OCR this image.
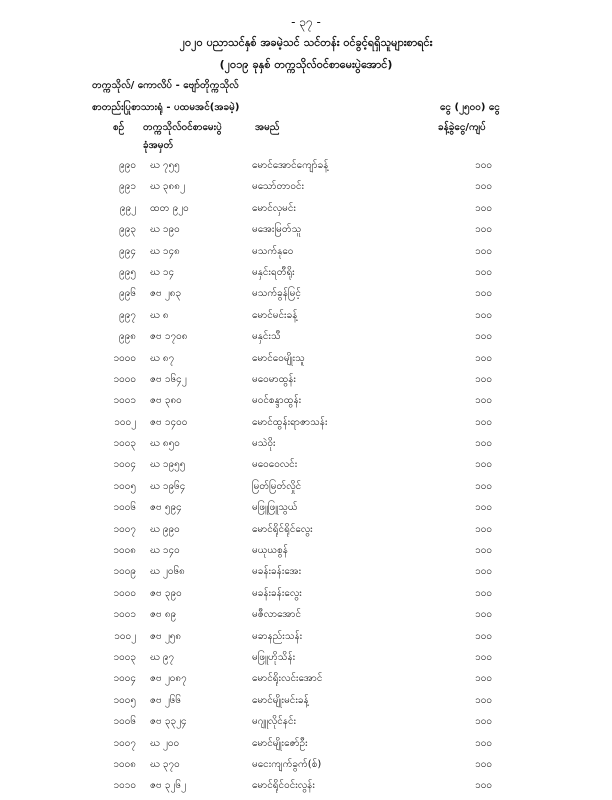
- ၃၇ -
၂၀၂၀ ပညာသင်နှစ် အခမဲ့သင် သင်တန်း ဝင်ခွင့်ရရှိသူများစာရင်း
(၂၀၁၉ ခုနှစ် တက္ကသိုလ်ဝင်စာမေးပွဲအောင်)
တက္ကသိုလ်/ ကောလိပ် - ဗျော်တိုက္ကသိုလ်
စာတည်းပြုစာသားရုံ - ပထမအင်(အခမဲ့)	ငွေ (၂၅၀၀) ငွေ
စဉ် တက္ကသိုလ်ဝင်စာမေးပွဲ
ခုံအမှတ်
အမည်	ခန့်ခွဲငွေ/ကျပ်
၉၉၀ ဃ ၇၅၅	မောင်အောင်ကျော်ခန့်	၁၀၀
၉၉၁ ဃ ၃၈၈၂	မသော်တာဝင်း	၁၀၀
၉၉၂ ထတ ၉၂၀	မောင်လှမင်း	၁၀၀
၉၉၃ ဃ ၁၉၀	မအေးမြတ်သူ	၁၀၀
၉၉၄ ဃ ၁၄၈	မသက်နုဝေ	၁၀၀
၉၉၅ ဃ ၁၄	မနှင်းရတီရိုး	၁၀၀
၉၉၆ ဇဗ ၂၈၃	မသက်ခွန်မြင့်	၁၀၀
၉၉၇ ဃ ၈	မောင်မင်းခန့်	၁၀၀
၉၉၈ ဇဗ ၁၇၀၈	မနှင်းသီ	၁၀၀
၁၀၀၀ ဃ ၈၇	မောင်ဝေမျိုးသူ	၁၀၀
၁၀၀၀ ဇဗ ၁၆၄၂	မဝေမာထွန်း	၁၀၀
၁၀၀၁ ဇဗ ၃၈၀	မဝင်စန္ဒာထွန်း	၁၀၀
၁၀၀၂ ဇဗ ၁၄၀၀	မောင်ထွန်းရာဇာသန်း	၁၀၀
၁၀၀၃ ဃ ၈၅၀	မသဲဝိုး	၁၀၀
၁၀၀၄ ဃ ၁၉၅၅	မဝေဝေလင်း	၁၀၀
၁၀၀၅ ဃ ၁၉၆၄	မြတ်မြတ်လှိုင်	၁၀၀
၁၀၀၆ ဇဗ ၅၉၄	မဖြူဖြူသွယ်	၁၀၀
၁၀၀၇ ဃ ၉၉၀	မောင်ရိုင်ရိုင်လွေး	၁၀၀
၁၀၀၈ ဃ ၁၄၀	မယုယစွန်	၁၀၀
၁၀၀၉ ဃ ၂၀၆၈	မခန်းခန်းအေး	၁၀၀
၁၀၀၀ ဇဗ ၃၉၀	မခန်းခန်းလွေး	၁၀၀
၁၀၀၁ ဇဗ ၈၉	မဇီလာအောင်	၁၀၀
၁၀၀၂ ဇဗ ၂၅၈	မခာနည်းသန်း	၁၀၀
၁၀၀၃ ဃ ၉၇	မဖြူဟိုသိန်း	၁၀၀
၁၀၀၄ ဇဗ ၂၀၈၇	မောင်ရိုးလင်းအောင်	၁၀၀
၁၀၀၅ ဇဗ ၂၆၆	မောင်မျိုးမင်းခန့်	၁၀၀
၁၀၀၆ ဇဗ ၃၃၂၄	မဂျူလိုင်နင်း	၁၀၀
၁၀၀၇ ဃ ၂၀၀	မောင်မျိုးဇော်ဦး	၁၀၀
၁၀၀၈ ဃ ၃၇၀	မငေးကျက်ခွက်(စ်)	၁၀၀
၁၀၁၀ ဇဗ ၃၂၆၂	မောင်ရိုင်ဝင်းလွန်း	၁၀၀
